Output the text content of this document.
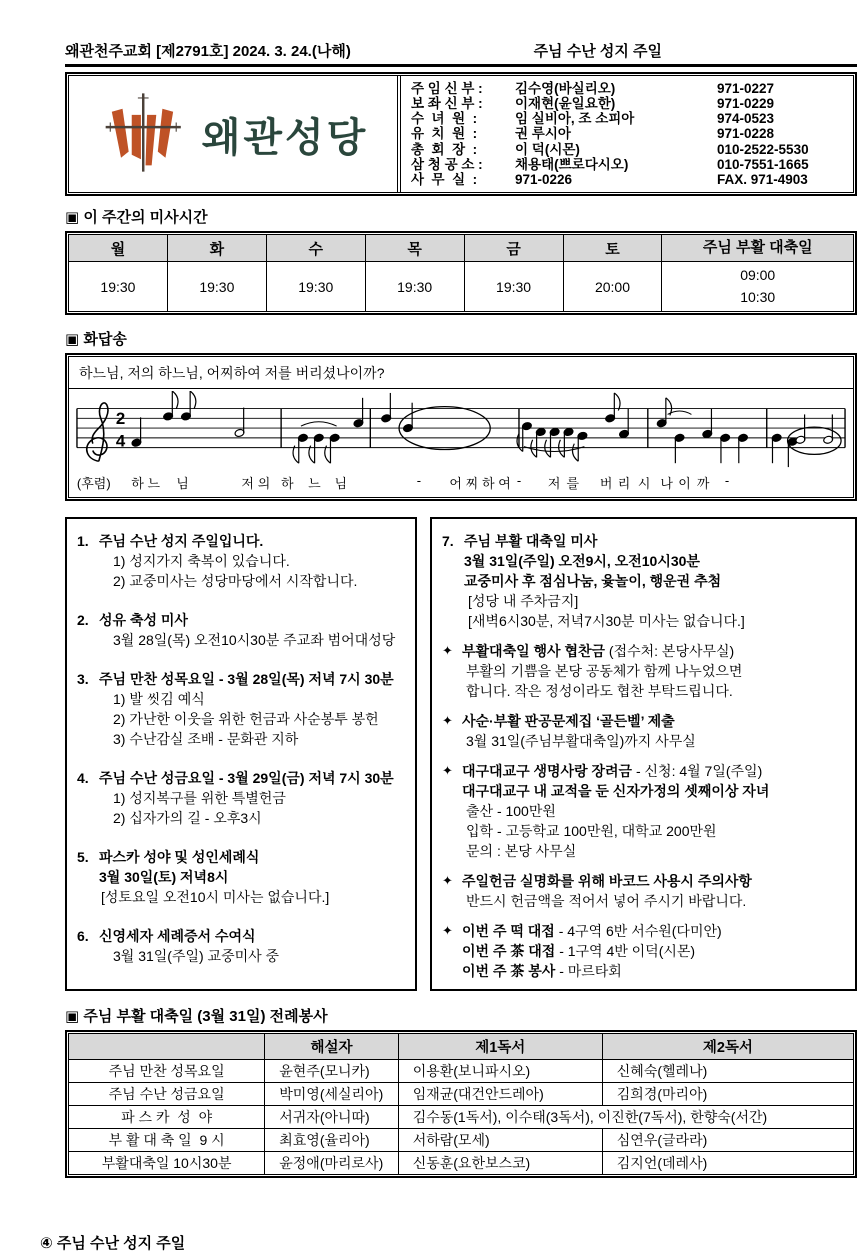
왜관천주교회 [제2791호] 2024. 3. 24.(나해)	주님 수난 성지 주일
왜관성당
주 임 신 부 :	김수영(바실리오)	971-0227
보 좌 신 부 :	이재현(윤일요한)	971-0229
수  녀  원  :	임 실비아, 조 소피아	974-0523
유  치  원  :	권 루시아	971-0228
총  회  장  :	이 덕(시몬)	010-2522-5530
삼 청 공 소 :	채용태(쁘로다시오)	010-7551-1665
사  무  실  :	971-0226	FAX. 971-4903
▣ 이 주간의 미사시간
월	화	수	목	금	토	주님 부활 대축일
19:30	19:30	19:30	19:30	19:30	20:00	09:00
10:30
▣ 화답송
하느님, 저의 하느님, 어찌하여 저를 버리셨나이까?
2
4
(후렴) 하 느 님	저 의 하 느 님	- 어 찌 하 여 - 저 를 버 리 시 나 이 까 -
1. 주님 수난 성지 주일입니다.
1) 성지가지 축복이 있습니다.
2) 교중미사는 성당마당에서 시작합니다.
2. 성유 축성 미사
3월 28일(목) 오전10시30분 주교좌 범어대성당
3. 주님 만찬 성목요일 - 3월 28일(목) 저녁 7시 30분
1) 발 씻김 예식
2) 가난한 이웃을 위한 헌금과 사순봉투 봉헌
3) 수난감실 조배 - 문화관 지하
4. 주님 수난 성금요일 - 3월 29일(금) 저녁 7시 30분
1) 성지복구를 위한 특별헌금
2) 십자가의 길 - 오후3시
5. 파스카 성야 및 성인세례식
3월 30일(토) 저녁8시
[성토요일 오전10시 미사는 없습니다.]
6. 신영세자 세례증서 수여식
3월 31일(주일) 교중미사 중
7. 주님 부활 대축일 미사
3월 31일(주일) 오전9시, 오전10시30분
교중미사 후 점심나눔, 윷놀이, 행운권 추첨
[성당 내 주차금지]
[새벽6시30분, 저녁7시30분 미사는 없습니다.]
✦ 부활대축일 행사 협찬금 (접수처: 본당사무실)
부활의 기쁨을 본당 공동체가 함께 나누었으면
합니다. 작은 정성이라도 협찬 부탁드립니다.
✦ 사순·부활 판공문제집 ‘골든벨’ 제출
3월 31일(주님부활대축일)까지 사무실
✦ 대구대교구 생명사랑 장려금 - 신청: 4월 7일(주일)
대구대교구 내 교적을 둔 신자가정의 셋째이상 자녀
출산 - 100만원
입학 - 고등학교 100만원, 대학교 200만원
문의 : 본당 사무실
✦ 주일헌금 실명화를 위해 바코드 사용시 주의사항
반드시 헌금액을 적어서 넣어 주시기 바랍니다.
✦ 이번 주 떡 대접 - 4구역 6반 서수원(다미안)
이번 주 茶 대접 - 1구역 4반 이덕(시몬)
이번 주 茶 봉사 - 마르타회
▣ 주님 부활 대축일 (3월 31일) 전례봉사
	해설자	제1독서	제2독서
주님 만찬 성목요일	윤현주(모니카)	이용환(보니파시오)	신혜숙(헬레나)
주님 수난 성금요일	박미영(세실리아)	임재균(대건안드레아)	김희경(마리아)
파 스 카  성  야	서귀자(아니따)	김수동(1독서), 이수태(3독서), 이진한(7독서), 한향숙(서간)	
부 활 대 축 일  9 시	최효영(율리아)	서하람(모세)	심연우(글라라)
부활대축일 10시30분	윤정애(마리로사)	신동훈(요한보스코)	김지언(데레사)
④ 주님 수난 성지 주일
